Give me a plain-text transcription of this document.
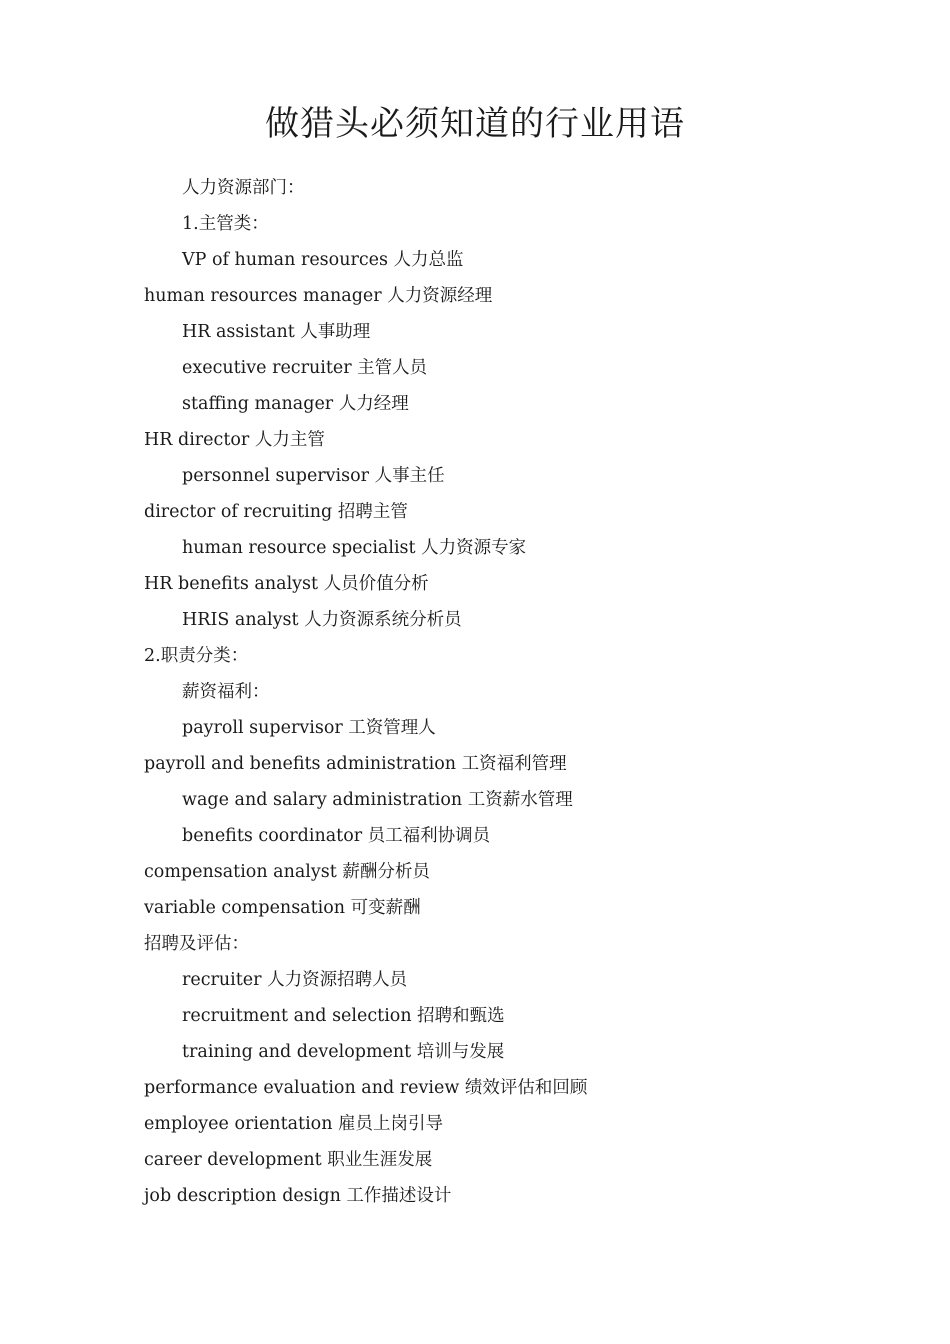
做猎头必须知道的行业用语
人力资源部门：
1.主管类：
VP of human resources 人力总监
human resources manager 人力资源经理
HR assistant 人事助理
executive recruiter 主管人员
staffing manager 人力经理
HR director 人力主管
personnel supervisor 人事主任
director of recruiting 招聘主管
human resource specialist 人力资源专家
HR benefits analyst 人员价值分析
HRIS analyst 人力资源系统分析员
2.职责分类：
薪资福利：
payroll supervisor 工资管理人
payroll and benefits administration 工资福利管理
wage and salary administration 工资薪水管理
benefits coordinator 员工福利协调员
compensation analyst 薪酬分析员
variable compensation 可变薪酬
招聘及评估：
recruiter 人力资源招聘人员
recruitment and selection 招聘和甄选
training and development 培训与发展
performance evaluation and review 绩效评估和回顾
employee orientation 雇员上岗引导
career development 职业生涯发展
job description design 工作描述设计
